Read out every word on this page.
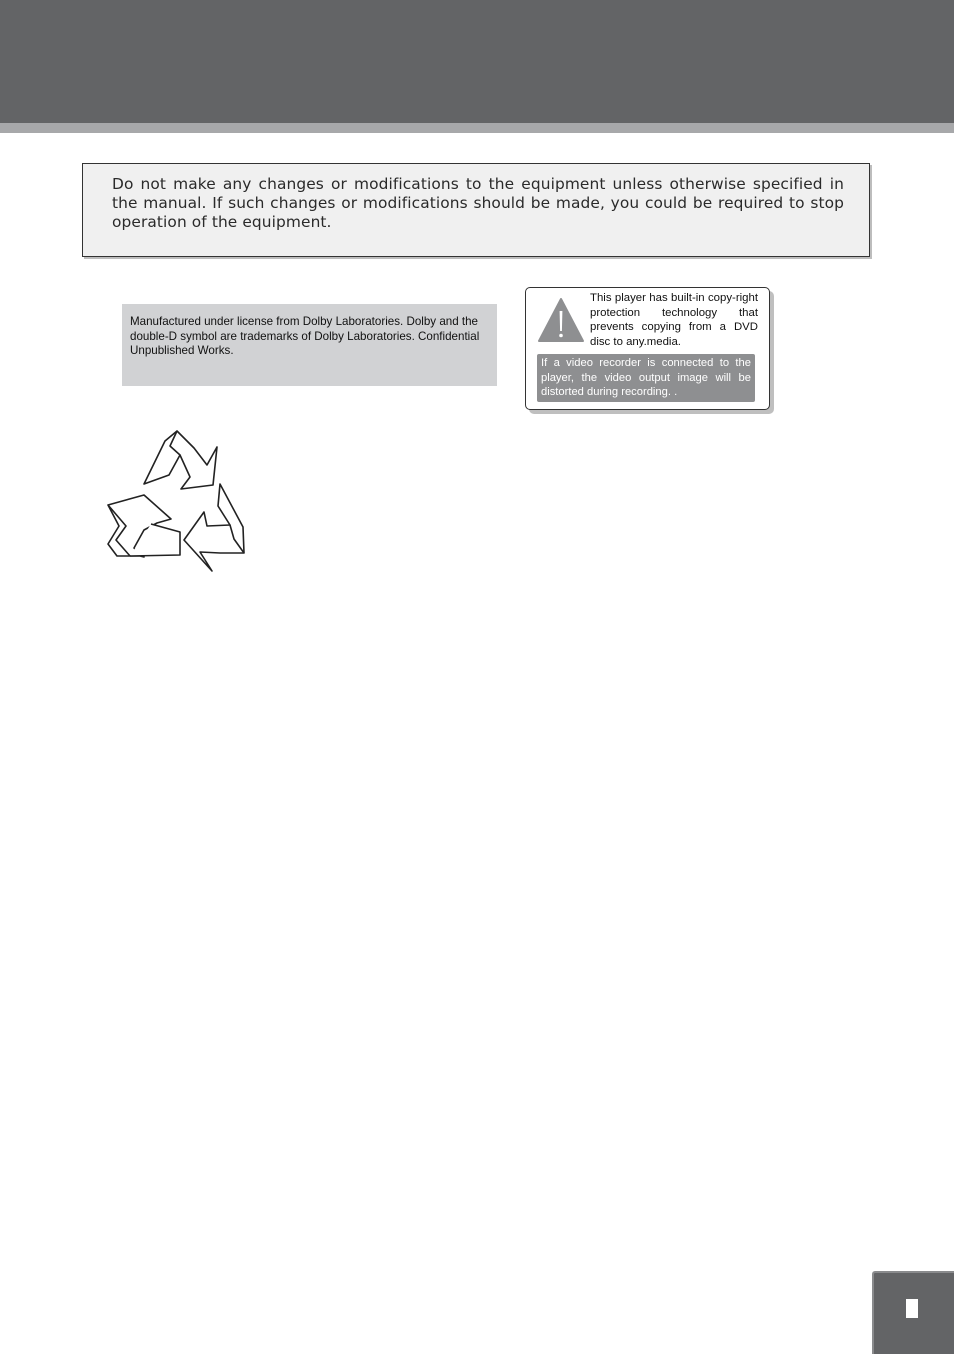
Do not make any changes or modifications to the equipment unless otherwise specified in the manual. If such changes or modifications should be made, you could be required to stop operation of the equipment.

Manufactured under license from Dolby Laboratories. Dolby and the double-D symbol are trademarks of Dolby Laboratories. Confidential Unpublished Works.

This player has built-in copy-right protection technology that prevents copying from a DVD disc to any.media.

If a video recorder is connected to the player, the video output image will be distorted during recording. .
